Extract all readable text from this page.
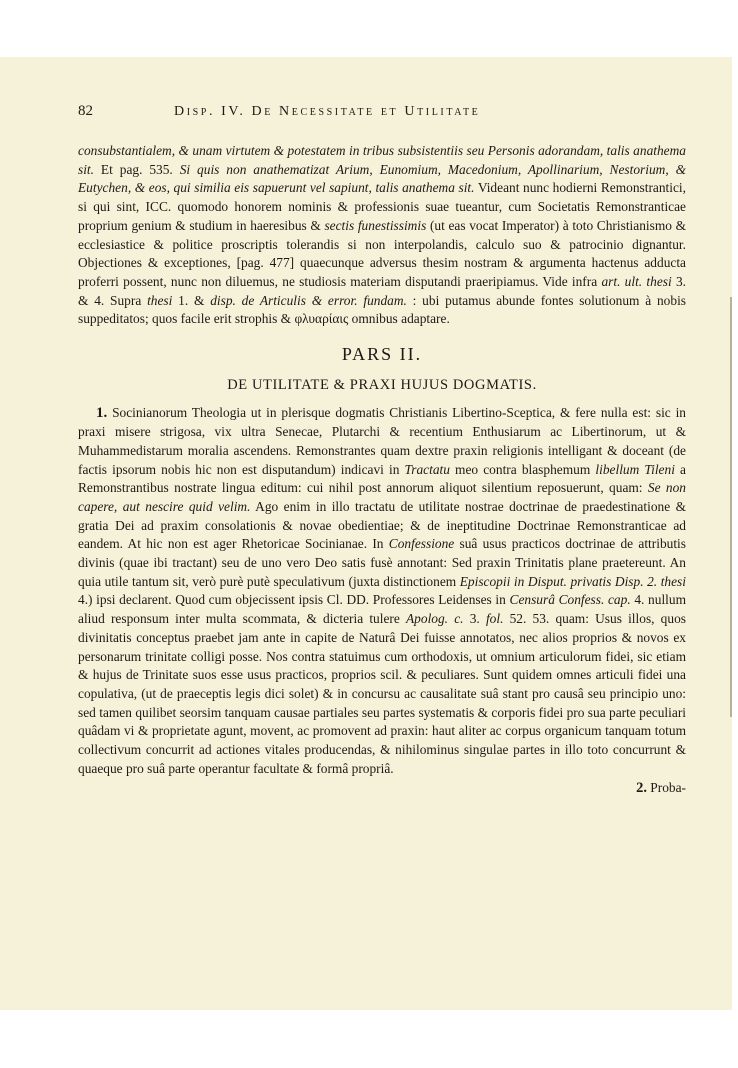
82	Disp. IV. De Necessitate et Utilitate

consubstantialem, & unam virtutem & potestatem in tribus subsistentiis seu Personis adorandam, talis anathema sit. Et pag. 535. Si quis non anathematizat Arium, Eunomium, Macedonium, Apollinarium, Nestorium, & Eutychen, & eos, qui similia eis sapuerunt vel sapiunt, talis anathema sit. Videant nunc hodierni Remonstrantici, si qui sint, ICC. quomodo honorem nominis & professionis suae tueantur, cum Societatis Remonstranticae proprium genium & studium in haeresibus & sectis funestissimis (ut eas vocat Imperator) à toto Christianismo & ecclesiastice & politice proscriptis tolerandis si non interpolandis, calculo suo & patrocinio dignantur. Objectiones & exceptiones, [pag. 477] quaecunque adversus thesim nostram & argumenta hactenus adducta proferri possent, nunc non diluemus, ne studiosis materiam disputandi praeripiamus. Vide infra art. ult. thesi 3. & 4. Supra thesi 1. & disp. de Articulis & error. fundam. : ubi putamus abunde fontes solutionum à nobis suppeditatos; quos facile erit strophis & φλυαρίαις omnibus adaptare.

PARS II.

DE UTILITATE & PRAXI HUJUS DOGMATIS.

1. Socinianorum Theologia ut in plerisque dogmatis Christianis Libertino-Sceptica, & fere nulla est: sic in praxi misere strigosa, vix ultra Senecae, Plutarchi & recentium Enthusiarum ac Libertinorum, ut & Muhammedistarum moralia ascendens. Remonstrantes quam dextre praxin religionis intelligant & doceant (de factis ipsorum nobis hic non est disputandum) indicavi in Tractatu meo contra blasphemum libellum Tileni a Remonstrantibus nostrate lingua editum: cui nihil post annorum aliquot silentium reposuerunt, quam: Se non capere, aut nescire quid velim. Ago enim in illo tractatu de utilitate nostrae doctrinae de praedestinatione & gratia Dei ad praxim consolationis & novae obedientiae; & de ineptitudine Doctrinae Remonstranticae ad eandem. At hic non est ager Rhetoricae Socinianae. In Confessione suâ usus practicos doctrinae de attributis divinis (quae ibi tractant) seu de uno vero Deo satis fusè annotant: Sed praxin Trinitatis plane praetereunt. An quia utile tantum sit, verò purè putè speculativum (juxta distinctionem Episcopii in Disput. privatis Disp. 2. thesi 4.) ipsi declarent. Quod cum objecissent ipsis Cl. DD. Professores Leidenses in Censurâ Confess. cap. 4. nullum aliud responsum inter multa scommata, & dicteria tulere Apolog. c. 3. fol. 52. 53. quam: Usus illos, quos divinitatis conceptus praebet jam ante in capite de Naturâ Dei fuisse annotatos, nec alios proprios & novos ex personarum trinitate colligi posse. Nos contra statuimus cum orthodoxis, ut omnium articulorum fidei, sic etiam & hujus de Trinitate suos esse usus practicos, proprios scil. & peculiares. Sunt quidem omnes articuli fidei una copulativa, (ut de praeceptis legis dici solet) & in concursu ac causalitate suâ stant pro causâ seu principio uno: sed tamen quilibet seorsim tanquam causae partiales seu partes systematis & corporis fidei pro sua parte peculiari quâdam vi & proprietate agunt, movent, ac promovent ad praxin: haut aliter ac corpus organicum tanquam totum collectivum concurrit ad actiones vitales producendas, & nihilominus singulae partes in illo toto concurrunt & quaeque pro suâ parte operantur facultate & formâ propriâ.

2. Proba-
